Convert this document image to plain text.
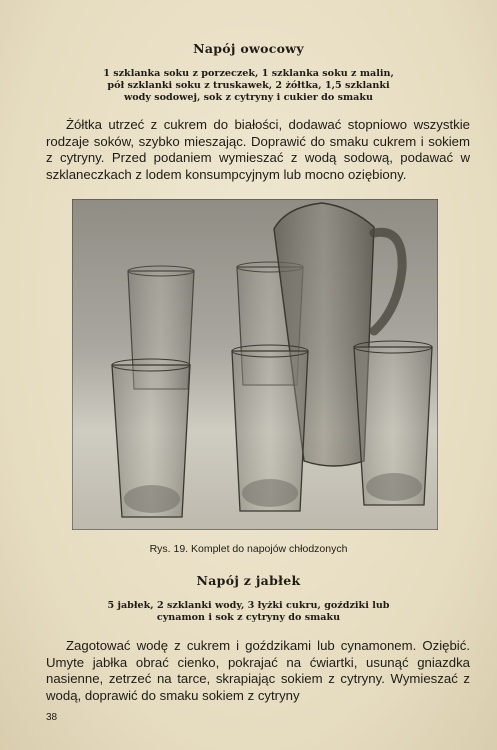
Napój owocowy
1 szklanka soku z porzeczek, 1 szklanka soku z malin,
pół szklanki soku z truskawek, 2 żółtka, 1,5 szklanki
wody sodowej, sok z cytryny i cukier do smaku
Żółtka utrzeć z cukrem do białości, dodawać stopniowo wszystkie rodzaje soków, szybko mieszając. Doprawić do smaku cukrem i sokiem z cytryny. Przed podaniem wymieszać z wodą sodową, podawać w szklaneczkach z lodem konsumpcyjnym lub mocno oziębiony.
Rys. 19. Komplet do napojów chłodzonych
Napój z jabłek
5 jabłek, 2 szklanki wody, 3 łyżki cukru, goździki lub
cynamon i sok z cytryny do smaku
Zagotować wodę z cukrem i goździkami lub cynamonem. Oziębić. Umyte jabłka obrać cienko, pokrajać na ćwiartki, usunąć gniazdka nasienne, zetrzeć na tarce, skrapiając sokiem z cytryny. Wymieszać z wodą, doprawić do smaku sokiem z cytryny
38
